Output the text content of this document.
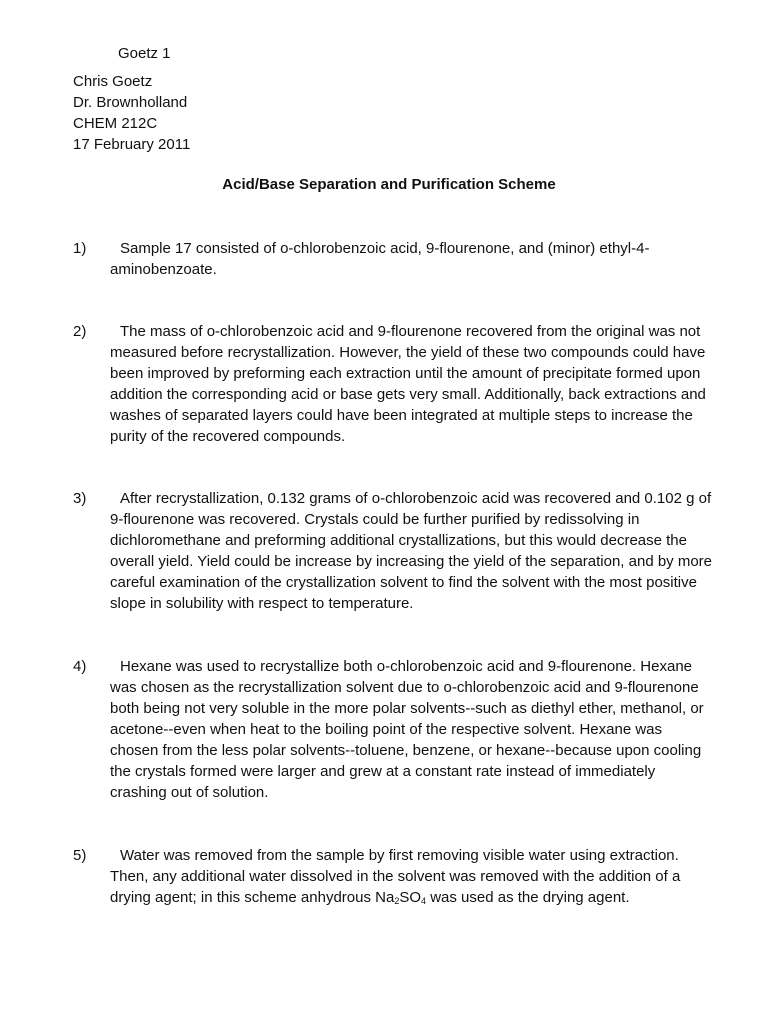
Goetz 1
Chris Goetz
Dr. Brownholland
CHEM 212C
17 February 2011
Acid/Base Separation and Purification Scheme
1)	Sample 17 consisted of o-chlorobenzoic acid, 9-flourenone, and (minor) ethyl-4-aminobenzoate.
2)	The mass of o-chlorobenzoic acid and 9-flourenone recovered from the original was not measured before recrystallization. However, the yield of these two compounds could have been improved by preforming each extraction until the amount of precipitate formed upon addition the corresponding acid or base gets very small. Additionally, back extractions and washes of separated layers could have been integrated at multiple steps to increase the purity of the recovered compounds.
3)	After recrystallization, 0.132 grams of o-chlorobenzoic acid was recovered and 0.102 g of 9-flourenone was recovered. Crystals could be further purified by redissolving in dichloromethane and preforming additional crystallizations, but this would decrease the overall yield. Yield could be increase by increasing the yield of the separation, and by more careful examination of the crystallization solvent to find the solvent with the most positive slope in solubility with respect to temperature.
4)	Hexane was used to recrystallize both o-chlorobenzoic acid and 9-flourenone. Hexane was chosen as the recrystallization solvent due to o-chlorobenzoic acid and 9-flourenone both being not very soluble in the more polar solvents--such as diethyl ether, methanol, or acetone--even when heat to the boiling point of the respective solvent. Hexane was chosen from the less polar solvents--toluene, benzene, or hexane--because upon cooling the crystals formed were larger and grew at a constant rate instead of immediately crashing out of solution.
5)	Water was removed from the sample by first removing visible water using extraction. Then, any additional water dissolved in the solvent was removed with the addition of a drying agent; in this scheme anhydrous $Na_2SO_4$ was used as the drying agent.
